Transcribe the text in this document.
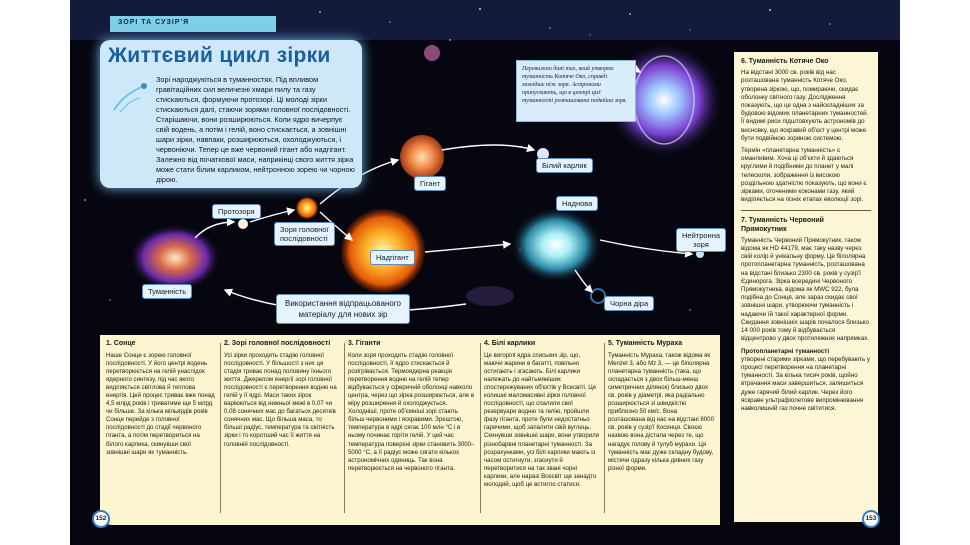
ЗОРІ ТА СУЗІР'Я
Життєвий цикл зірки

Зорі народжуються в туманностях. Під впливом гравітаційних сил величезні хмари пилу та газу стискаються, формуючи протозорі. Ці молоді зірки стискаються далі, стаючи зорями головної послідовності. Старішаючи, вони розширюються. Коли ядро вичерпує свій водень, а потім і гелій, воно стискається, а зовнішні шари зірки, навпаки, розширюються, охолоджуються, і червоніючи. Тепер це вже червоний гігант або надгігант. Залежно від початкової маси, наприкінці свого життя зірка може стати білим карликом, нейтронною зорею чи чорною дірою.

Переважно дані тих, який утворює туманність Котяче Око, справді молодше ніж зоря. Астрономи припускають, що в центрі цієї туманності розташована подвійна зоря.
Туманність
Протозоря
Зоря головної
послідовності
Гігант
Надгігант
Білий карлик
Наднова
Нейтронна
зоря
Чорна діра
Використання відпрацьованого
матеріалу для нових зір
6. Туманність Котяче Око

На відстані 3000 св. років від нас розташована туманність Котяче Око, утворена зіркою, що, помираючи, скидає оболонку світного газу. Дослідження показують, що це одна з найскладніших за будовою відомих планетарних туманностей. Її видимі риси підштовхують астрономів до висновку, що яскравий об'єкт у центрі може бути подвійною зоряною системою.

Термін «планетарна туманність» є оманливим. Хоча ці об'єкти й здаються круглими й подібними до планет у малі телескопи, зображення із високою роздільною здатністю показують, що вони є зірками, оточеними коконами газу, який виділяється на пізніх етапах еволюції зорі.

7. Туманність Червоний Прямокутник

Туманність Червоний Прямокутник, також відома як HD 44179, має таку назву через свій колір й унікальну форму. Це біполярна протопланетарна туманність, розташована на відстані близько 2300 св. років у сузір'ї Єдинорога. Зірка всередині Червоного Прямокутника, відома як MWC 922, була подібна до Сонця, але зараз скидає свої зовнішні шари, утворюючи туманність і надаючи їй такої характерної форми. Скидання зовнішніх шарів почалося близько 14 000 років тому й відбувається відцентрово у двох протилежних напрямках.

Протопланетарні туманності

утворені старими зірками, що перебувають у процесі перетворення на планетарні туманності. За кілька тисяч років, щойно втрачання маси завершиться, залишиться дуже гарячий білий карлик. Через його яскраве ультрафіолетове випромінювання навколишній газ почне світитися.

1. Сонце

Наше Сонце є зорею головної послідовності. У його центрі водень перетворюється на гелій унаслідок ядерного синтезу, під час якого виділяється світлова й теплова енергія. Цей процес триває вже понад 4,5 млрд років і триватиме ще 5 млрд чи більше. За кілька мільярдів років Сонце перейде з головної послідовності до стадії червоного гіганта, а потім перетвориться на білого карлика, скинувши свої зовнішні шари як туманність.

2. Зорі головної послідовності

Усі зірки проходять стадію головної послідовності. У більшості з них ця стадія триває понад половину їхнього життя. Джерелом енергії зорі головної послідовності є перетворення водню на гелій у її ядрі. Маси таких зірок варіюються від нижньої межі в 0,07 чи 0,08 сонячних мас до багатьох десятків сонячних мас. Що більша маса, то більші радіус, температура та світність зірки і то коротший час її життя на головній послідовності.

3. Гіганти

Коли зоря проходить стадію головної послідовності, її ядро стискається й розігрівається. Термоядерна реакція перетворення водню на гелій тепер відбувається у сферичній оболонці навколо центра, через що зірка розширюється, але в міру розширення й охолоджується. Холодніші, проте об'ємніші зорі стають більш червоними і яскравими. Зрештою, температура в ядрі сягає 100 млн °C і в ньому починає горіти гелій. У цей час температура поверхні зірки становить 3000–5000 °C, а її радіус може сягати кількох астрономічних одиниць. Так вона перетворюється на червоного гіганта.

4. Білі карлики

Це вигорілі ядра спиських зір, що, маючи жарини в багатті, повільно остигають і згасають. Білі карлики належать до найтьмяніших спостережуваних об'єктів у Всесвіті. Це колишні маломасивні зірки головної послідовності, що спалили свої резервуари водню та гелію, пройшли фазу гіганта, проте були недостатньо гарячими, щоб запалити свій вуглець. Скинувши зовнішні шари, вони утворили різнобарвні планетарні туманності. За розрахунками, усі білі карлики мають із часом остигнути, згаснути й перетворитися на так звані чорні карлики, але наразі Всесвіт ще занадто молодий, щоб це встигло статися.

5. Туманність Мураха

Туманність Мураха, також відома як Menzel 3, або Mz 3, — це біполярна планетарна туманність (така, що складається з двох більш-менш симетричних ділянок) близько двох св. років у діаметрі, яка радіально розширюється зі швидкістю приблизно 50 км/с. Вона розташована від нас на відстані 8000 св. років у сузір'ї Косинця. Своєю назвою вона дістала через те, що нагадує голову й тулуб мурахи. Ця туманність має дуже складну будову, містячи одразу кілька дивних газу різної форми.

152	153
